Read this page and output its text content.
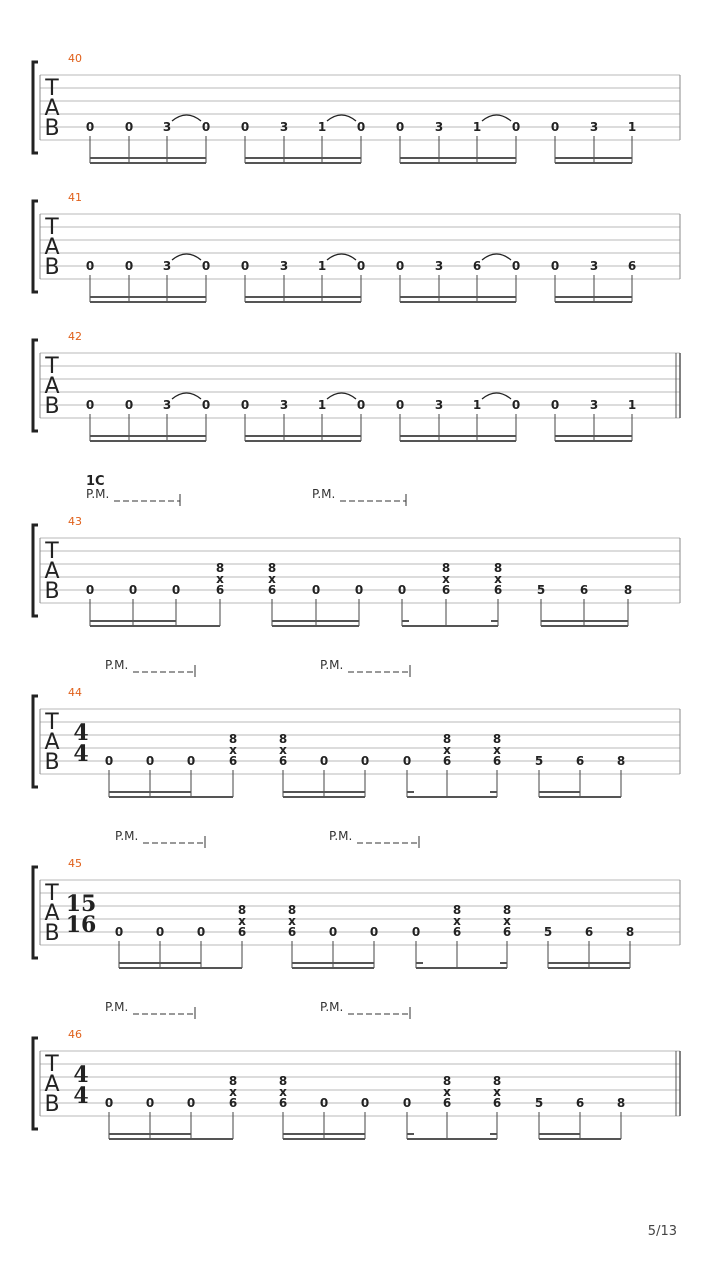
T
A
B
40
0	0 3	0	0	3 1	0	0	3 1	0	0	3 1
T
A
B
41
0	0 3	0	0	3 1	0	0	3 6	0	0	3 6
T
A
B
42
0	0 3	0	0	3 1	0	0	3 1	0	0	3 1
T
A
B
43
1C
P.M.	P.M.
0	0	0
8
x
6
8
x
6	0	0	0
8
x
6
8
x
6	5	6	8
T
A
B
44
P.M.	P.M.
4
4 0	0	0
8
x
6
8
x
6	0	0	0
8
x
6
8
x
6	5	6	8
T
A
B
45
P.M.	P.M.
15
16 0	0	0
8
x
6
8
x
6	0	0	0
8
x
6
8
x
6	5	6	8
T
A
B
46
P.M.	P.M.
4
4 0	0	0
8
x
6
8
x
6	0	0	0
8
x
6
8
x
6	5	6	8
5/13
